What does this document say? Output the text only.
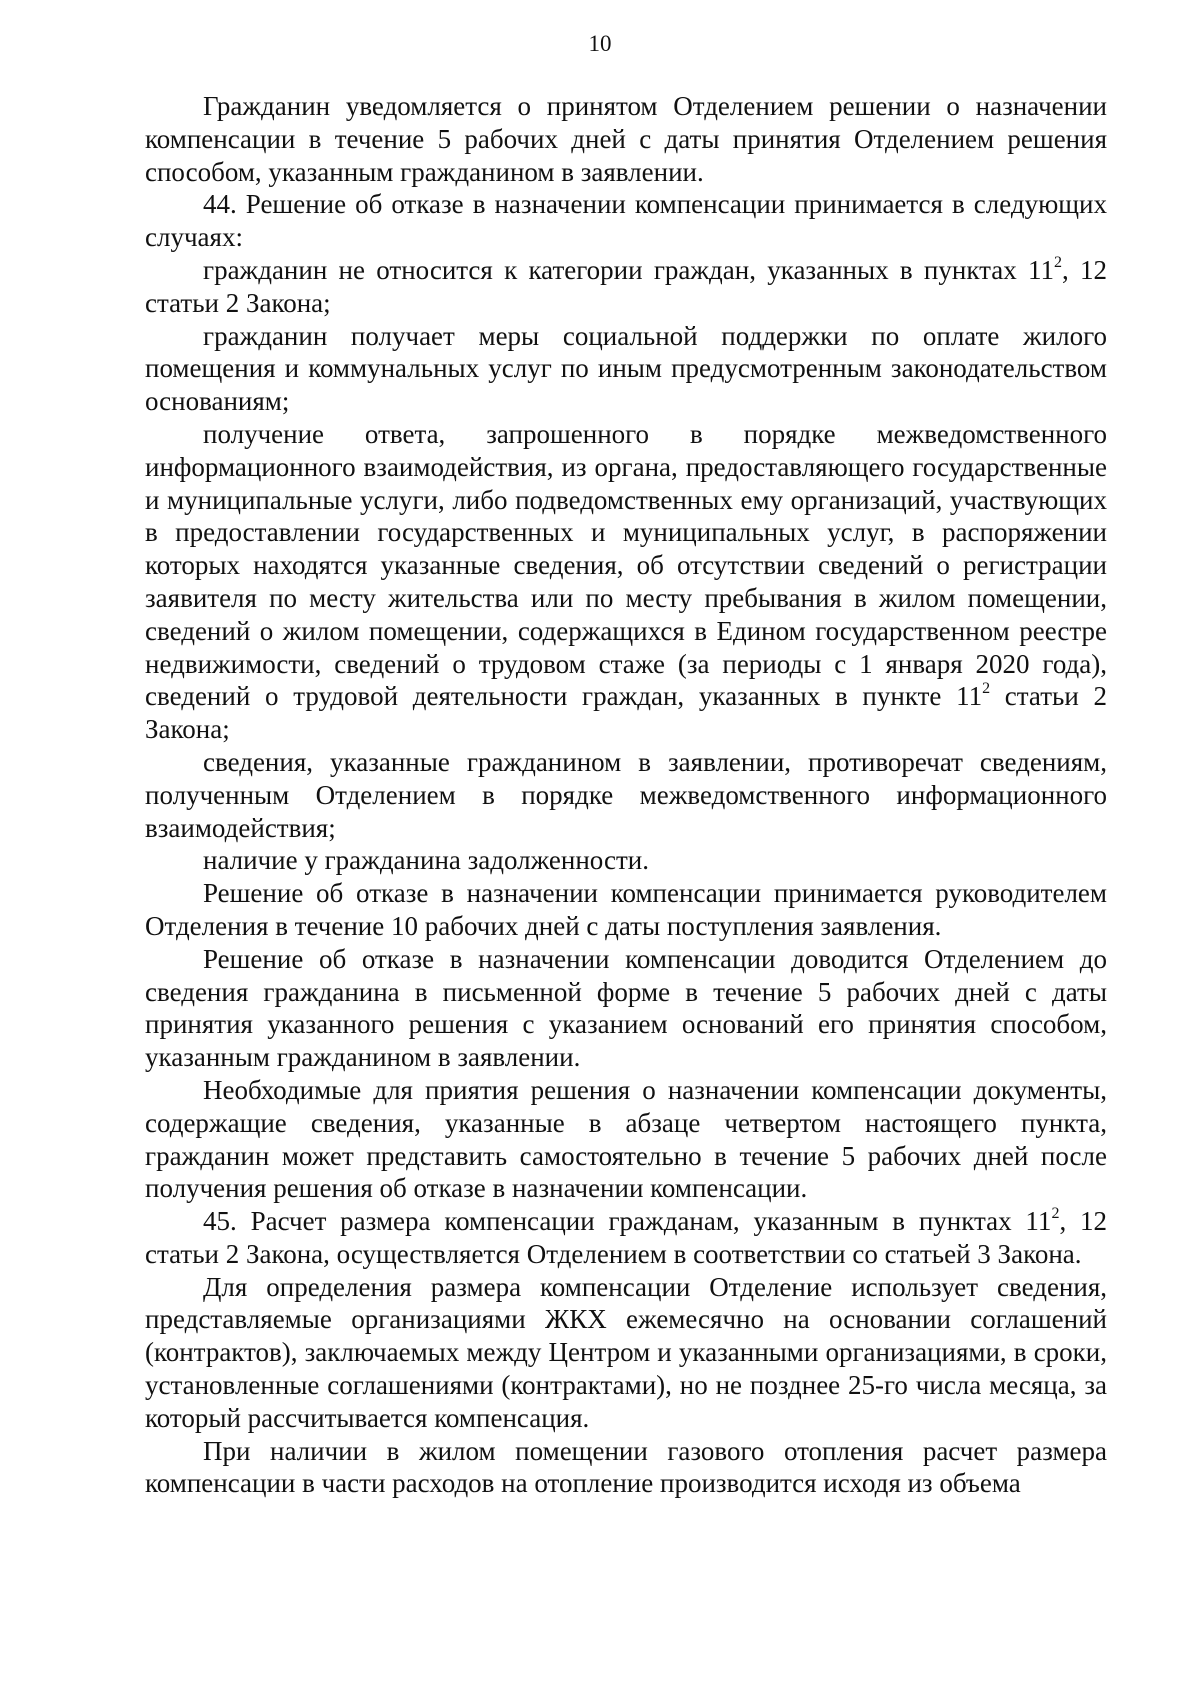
10

Гражданин уведомляется о принятом Отделением решении о назначении компенсации в течение 5 рабочих дней с даты принятия Отделением решения способом, указанным гражданином в заявлении.

44. Решение об отказе в назначении компенсации принимается в следующих случаях:

гражданин не относится к категории граждан, указанных в пунктах $11^2$, 12 статьи 2 Закона;

гражданин получает меры социальной поддержки по оплате жилого помещения и коммунальных услуг по иным предусмотренным законодательством основаниям;

получение ответа, запрошенного в порядке межведомственного информационного взаимодействия, из органа, предоставляющего государственные и муниципальные услуги, либо подведомственных ему организаций, участвующих в предоставлении государственных и муниципальных услуг, в распоряжении которых находятся указанные сведения, об отсутствии сведений о регистрации заявителя по месту жительства или по месту пребывания в жилом помещении, сведений о жилом помещении, содержащихся в Едином государственном реестре недвижимости, сведений о трудовом стаже (за периоды с 1 января 2020 года), сведений о трудовой деятельности граждан, указанных в пункте $11^2$ статьи 2 Закона;

сведения, указанные гражданином в заявлении, противоречат сведениям, полученным Отделением в порядке межведомственного информационного взаимодействия;

наличие у гражданина задолженности.

Решение об отказе в назначении компенсации принимается руководителем Отделения в течение 10 рабочих дней с даты поступления заявления.

Решение об отказе в назначении компенсации доводится Отделением до сведения гражданина в письменной форме в течение 5 рабочих дней с даты принятия указанного решения с указанием оснований его принятия способом, указанным гражданином в заявлении.

Необходимые для приятия решения о назначении компенсации документы, содержащие сведения, указанные в абзаце четвертом настоящего пункта, гражданин может представить самостоятельно в течение 5 рабочих дней после получения решения об отказе в назначении компенсации.

45. Расчет размера компенсации гражданам, указанным в пунктах $11^2$, 12 статьи 2 Закона, осуществляется Отделением в соответствии со статьей 3 Закона.

Для определения размера компенсации Отделение использует сведения, представляемые организациями ЖКХ ежемесячно на основании соглашений (контрактов), заключаемых между Центром и указанными организациями, в сроки, установленные соглашениями (контрактами), но не позднее 25-го числа месяца, за который рассчитывается компенсация.

При наличии в жилом помещении газового отопления расчет размера компенсации в части расходов на отопление производится исходя из объема
